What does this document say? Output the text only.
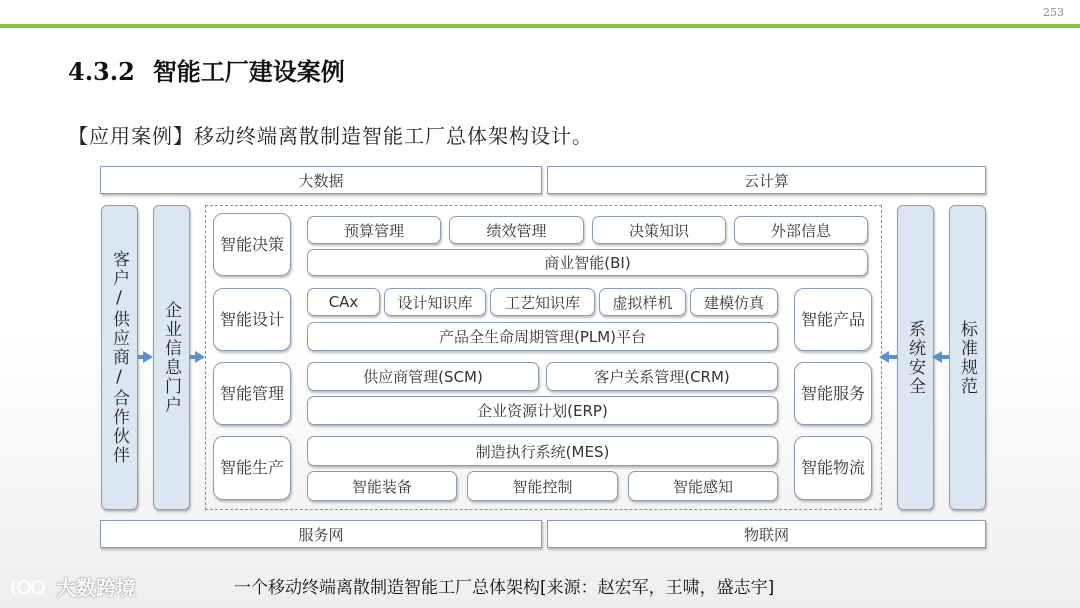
253
4.3.2 智能工厂建设案例
【应用案例】移动终端离散制造智能工厂总体架构设计。
大数据	云计算
服务网	物联网
客户/供应商/合作伙伴 企业信息门户	系统安全 标准规范
智能决策
预算管理	绩效管理	决策知识	外部信息
商业智能(BI)
智能设计
CAx	设计知识库	工艺知识库	虚拟样机	建模仿真
产品全生命周期管理(PLM)平台
智能产品
智能管理
供应商管理(SCM)	客户关系管理(CRM)
企业资源计划(ERP)
智能服务
智能生产
制造执行系统(MES)
智能装备	智能控制	智能感知
智能物流
一个移动终端离散制造智能工厂总体架构[来源：赵宏军，王啸，盛志宇]
大数跨境
